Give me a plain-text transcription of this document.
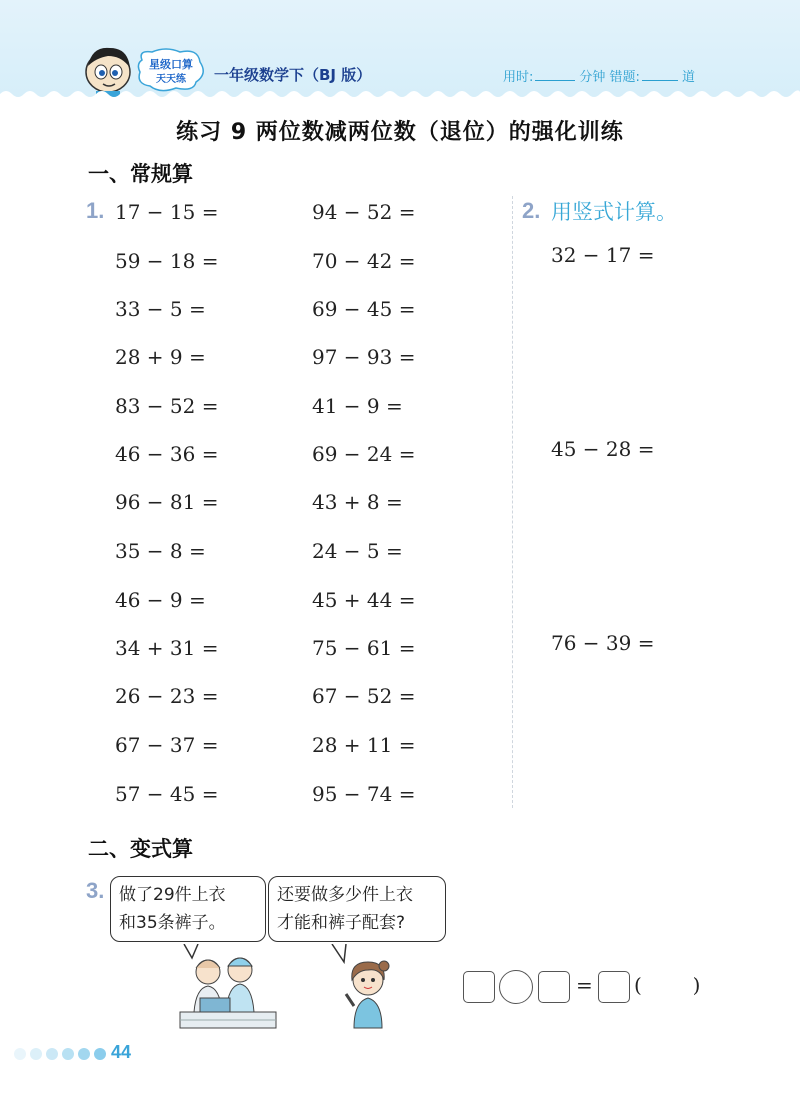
星级口算
天天练 一年级数学下（BJ 版）	用时:	分钟 错题:	道
练习 9 两位数减两位数（退位）的强化训练
一、常规算
1. 17 − 15 =
59 − 18 =
33 − 5 =
28 + 9 =
83 − 52 =
46 − 36 =
96 − 81 =
35 − 8 =
46 − 9 =
34 + 31 =
26 − 23 =
67 − 37 =
57 − 45 =
94 − 52 =
70 − 42 =
69 − 45 =
97 − 93 =
41 − 9 =
69 − 24 =
43 + 8 =
24 − 5 =
45 + 44 =
75 − 61 =
67 − 52 =
28 + 11 =
95 − 74 =
2. 用竖式计算。
32 − 17 =
45 − 28 =
76 − 39 =
二、变式算
3. 做了29件上衣
和35条裤子。
还要做多少件上衣
才能和裤子配套?
= (        )
44
